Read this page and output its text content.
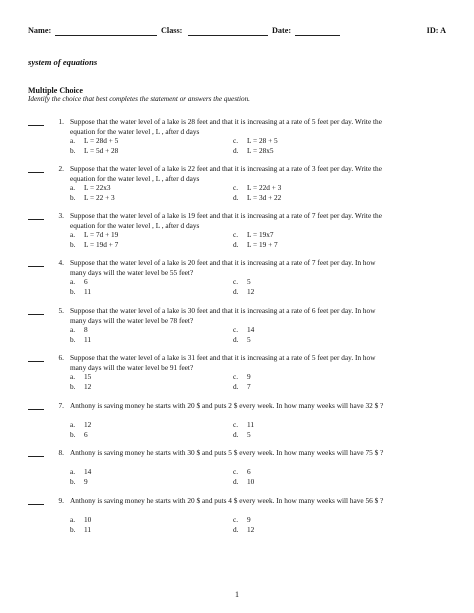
Name:	Class:	Date:	ID: A
system of equations
Multiple Choice
Identify the choice that best completes the statement or answers the question.
1. Suppose that the water level of a lake is 28 feet and that it is increasing at a rate of 5 feet per day. Write the equation for the water level , L , after d days
a. L = 28d + 5	c. L = 28 + 5
b. L = 5d + 28	d. L = 28x5
2. Suppose that the water level of a lake is 22 feet and that it is increasing at a rate of 3 feet per day. Write the equation for the water level , L , after d days
a. L = 22x3	c. L = 22d + 3
b. L = 22 + 3	d. L = 3d + 22
3. Suppose that the water level of a lake is 19 feet and that it is increasing at a rate of 7 feet per day. Write the equation for the water level , L , after d days
a. L = 7d + 19	c. L = 19x7
b. L = 19d + 7	d. L = 19 + 7
4. Suppose that the water level of a lake is 20 feet and that it is increasing at a rate of 7 feet per day. In how many days will the water level be 55 feet?
a. 6	c. 5
b. 11	d. 12
5. Suppose that the water level of a lake is 30 feet and that it is increasing at a rate of 6 feet per day. In how many days will the water level be 78 feet?
a. 8	c. 14
b. 11	d. 5
6. Suppose that the water level of a lake is 31 feet and that it is increasing at a rate of 5 feet per day. In how many days will the water level be 91 feet?
a. 15	c. 9
b. 12	d. 7
7. Anthony is saving money he starts with 20 $ and puts 2 $ every week. In how many weeks will have 32 $ ?
a. 12	c. 11
b. 6	d. 5
8. Anthony is saving money he starts with 30 $ and puts 5 $ every week. In how many weeks will have 75 $ ?
a. 14	c. 6
b. 9	d. 10
9. Anthony is saving money he starts with 20 $ and puts 4 $ every week. In how many weeks will have 56 $ ?
a. 10	c. 9
b. 11	d. 12
1
